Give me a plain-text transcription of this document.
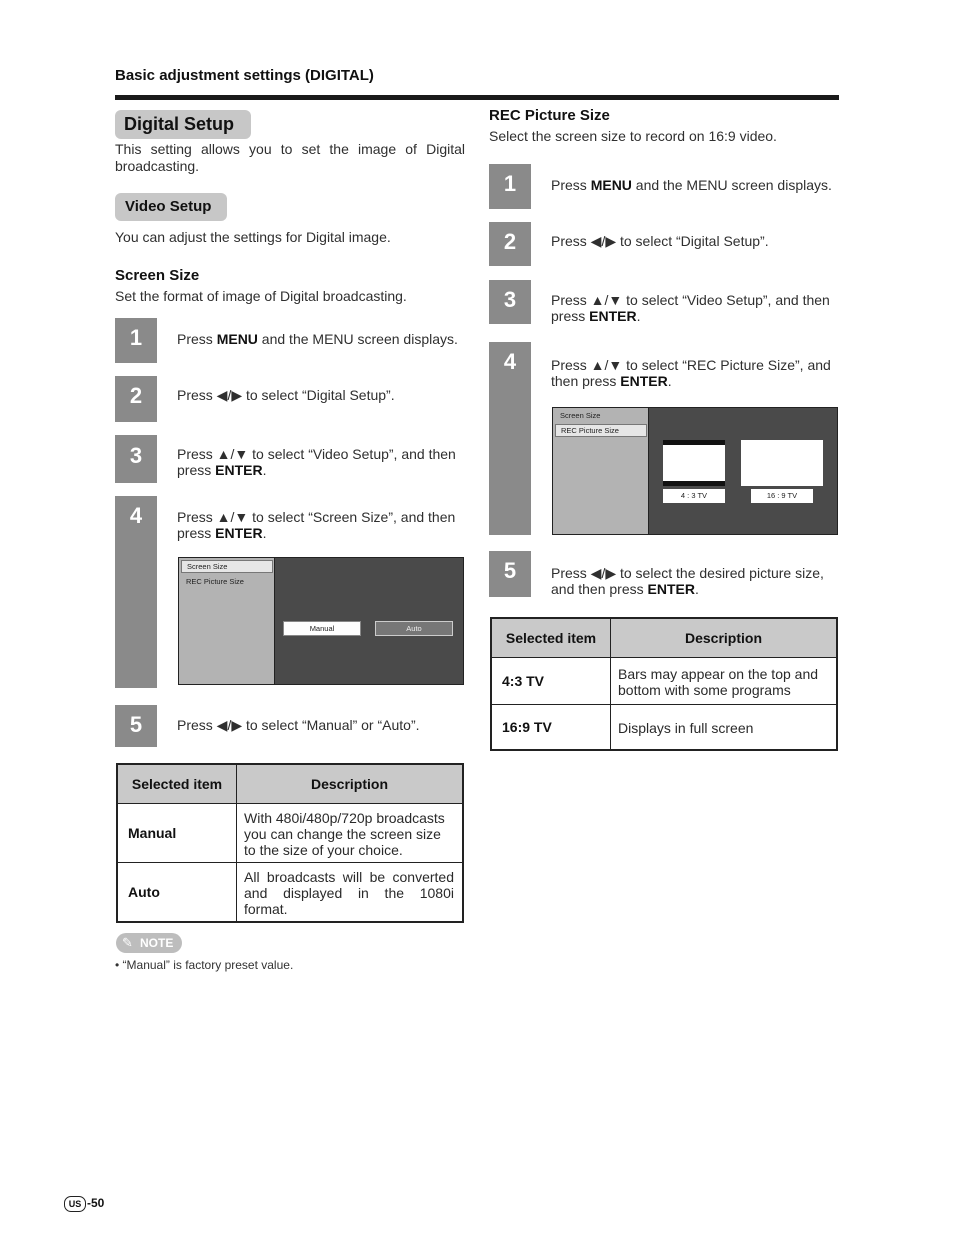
Basic adjustment settings (DIGITAL)
Digital Setup
This setting allows you to set the image of Digital broadcasting.
Video Setup
You can adjust the settings for Digital image.
Screen Size
Set the format of image of Digital broadcasting.
1
2
3
4
5
Press MENU and the MENU screen displays.
Press ◀/▶ to select “Digital Setup”.
Press ▲/▼ to select “Video Setup”, and then press ENTER.
Press ▲/▼ to select “Screen Size”, and then press ENTER.
Press ◀/▶ to select “Manual” or “Auto”.
Screen Size
REC Picture Size
Manual	Auto
Selected item	Description
Manual	With 480i/480p/720p broadcasts you can change the screen size to the size of your choice.
Auto	All broadcasts will be converted and displayed in the 1080i format.
✎ NOTE
• “Manual” is factory preset value.
REC Picture Size
Select the screen size to record on 16:9 video.
1
2
3
4
5
Press MENU and the MENU screen displays.
Press ◀/▶ to select “Digital Setup”.
Press ▲/▼ to select “Video Setup”, and then press ENTER.
Press ▲/▼ to select “REC Picture Size”, and then press ENTER.
Press ◀/▶ to select the desired picture size, and then press ENTER.
Screen Size
REC Picture Size
4 : 3 TV	16 : 9 TV
Selected item	Description
4:3 TV	Bars may appear on the top and bottom with some programs
16:9 TV	Displays in full screen
US -50
